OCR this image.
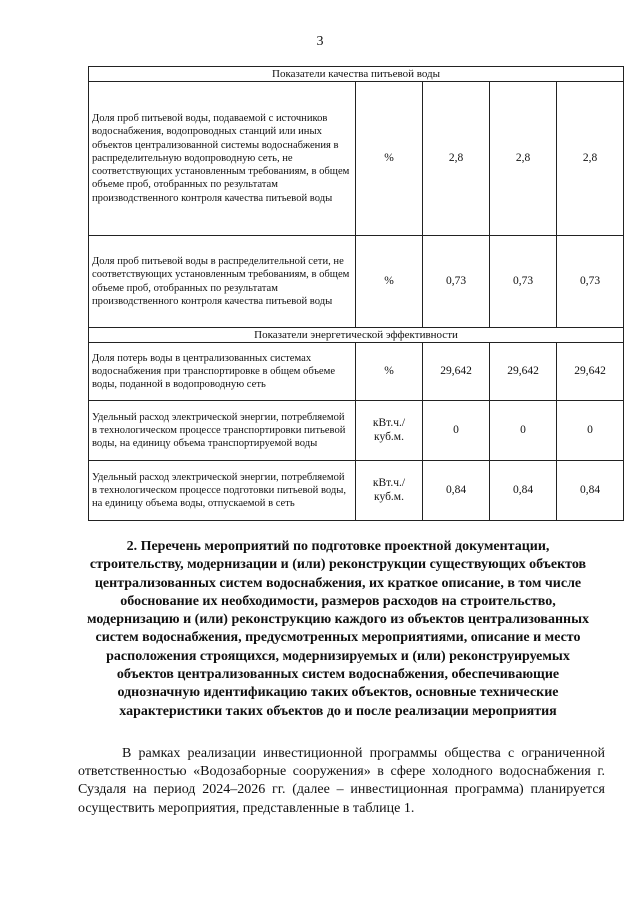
3
Показатели качества питьевой воды				
Доля проб питьевой воды, подаваемой с источников водоснабжения, водопроводных станций или иных объектов централизованной системы водоснабжения в распределительную водопроводную сеть, не соответствующих установленным требованиям, в общем объеме проб, отобранных по результатам производственного контроля качества питьевой воды	%	2,8	2,8	2,8
Доля проб питьевой воды в распределительной сети, не соответствующих установленным требованиям, в общем объеме проб, отобранных по результатам производственного контроля качества питьевой воды	%	0,73	0,73	0,73
Показатели энергетической эффективности				
Доля потерь воды в централизованных системах водоснабжения при транспортировке в общем объеме воды, поданной в водопроводную сеть	%	29,642	29,642	29,642
Удельный расход электрической энергии, потребляемой в технологическом процессе транспортировки питьевой воды, на единицу объема транспортируемой воды	кВт.ч./ куб.м.	0	0	0
Удельный расход электрической энергии, потребляемой в технологическом процессе подготовки питьевой воды, на единицу объема воды, отпускаемой в сеть	кВт.ч./ куб.м.	0,84	0,84	0,84
2. Перечень мероприятий по подготовке проектной документации, строительству, модернизации и (или) реконструкции существующих объектов централизованных систем водоснабжения, их краткое описание, в том числе обоснование их необходимости, размеров расходов на строительство, модернизацию и (или) реконструкцию каждого из объектов централизованных систем водоснабжения, предусмотренных мероприятиями, описание и место расположения строящихся, модернизируемых и (или) реконструируемых объектов централизованных систем водоснабжения, обеспечивающие однозначную идентификацию таких объектов, основные технические характеристики таких объектов до и после реализации мероприятия
В рамках реализации инвестиционной программы общества с ограниченной ответственностью «Водозаборные сооружения» в сфере холодного водоснабжения г. Суздаля на период 2024–2026 гг. (далее – инвестиционная программа) планируется осуществить мероприятия, представленные в таблице 1.
